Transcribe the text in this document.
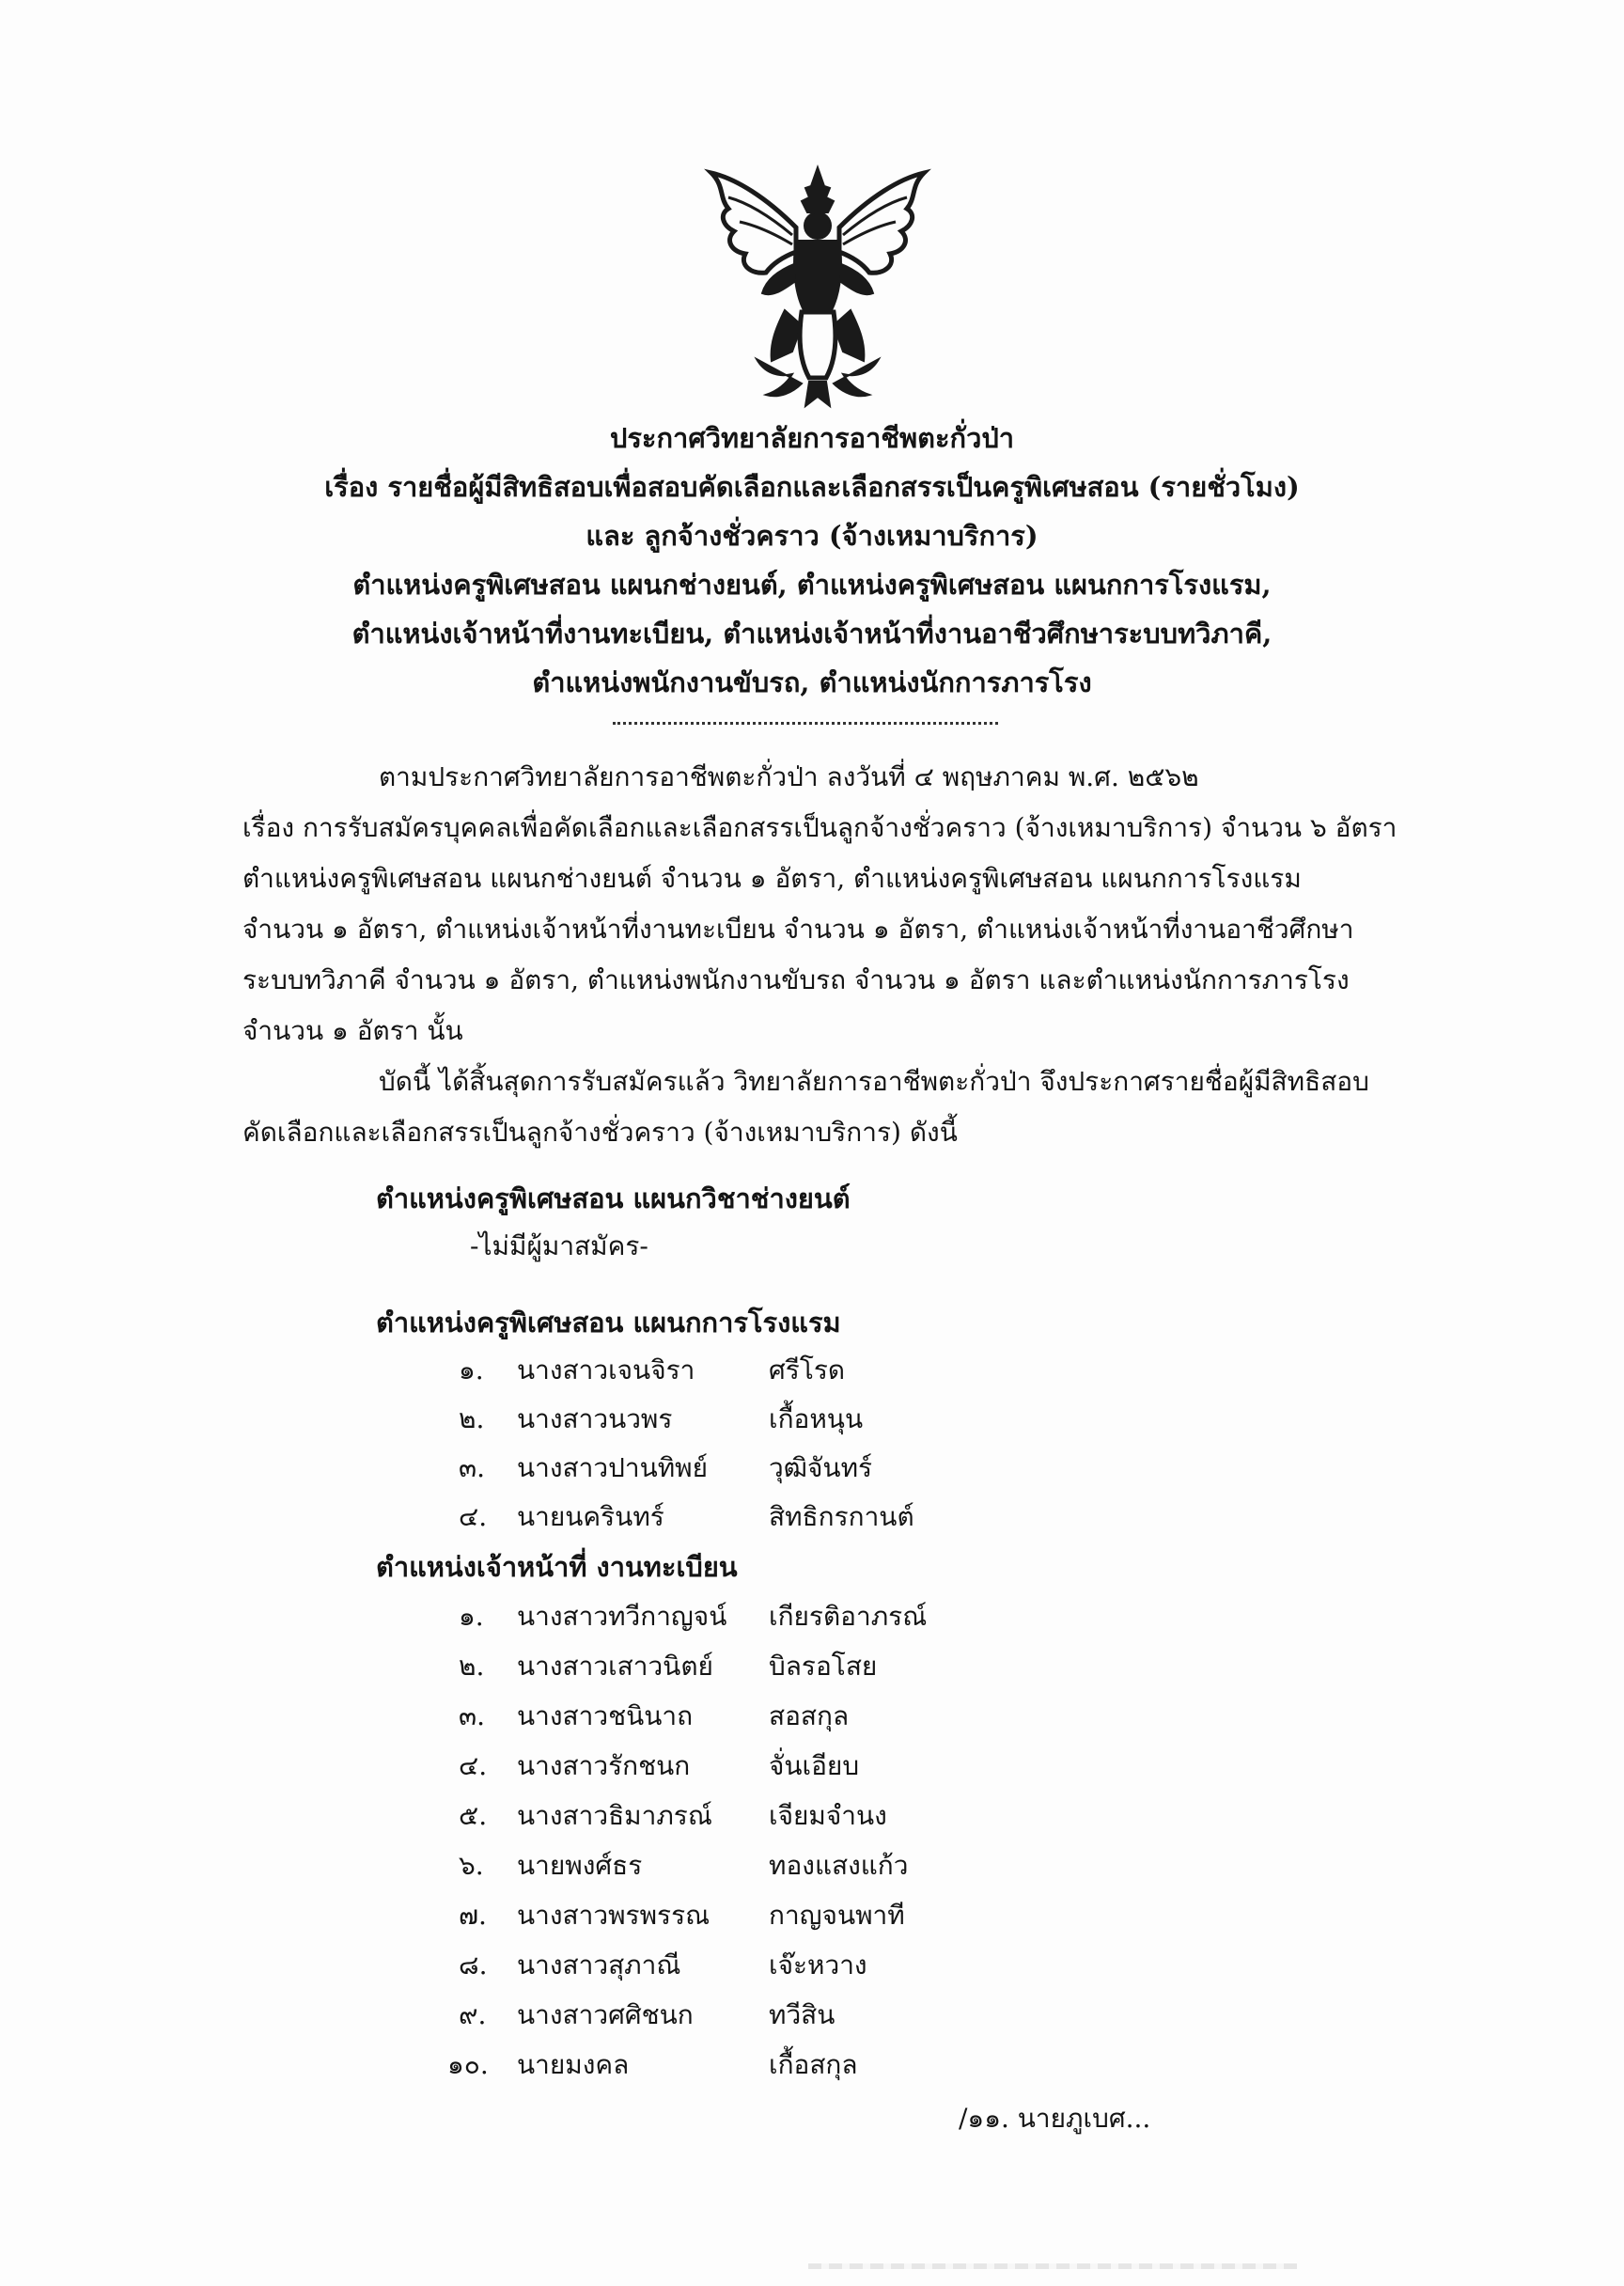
ประกาศวิทยาลัยการอาชีพตะกั่วป่า
เรื่อง รายชื่อผู้มีสิทธิสอบเพื่อสอบคัดเลือกและเลือกสรรเป็นครูพิเศษสอน (รายชั่วโมง)
และ ลูกจ้างชั่วคราว (จ้างเหมาบริการ)
ตำแหน่งครูพิเศษสอน แผนกช่างยนต์, ตำแหน่งครูพิเศษสอน แผนกการโรงแรม,
ตำแหน่งเจ้าหน้าที่งานทะเบียน, ตำแหน่งเจ้าหน้าที่งานอาชีวศึกษาระบบทวิภาคี,
ตำแหน่งพนักงานขับรถ, ตำแหน่งนักการภารโรง
ตามประกาศวิทยาลัยการอาชีพตะกั่วป่า ลงวันที่ ๔ พฤษภาคม พ.ศ. ๒๕๖๒
เรื่อง การรับสมัครบุคคลเพื่อคัดเลือกและเลือกสรรเป็นลูกจ้างชั่วคราว (จ้างเหมาบริการ) จำนวน ๖ อัตรา
ตำแหน่งครูพิเศษสอน แผนกช่างยนต์ จำนวน ๑ อัตรา, ตำแหน่งครูพิเศษสอน แผนกการโรงแรม
จำนวน ๑ อัตรา, ตำแหน่งเจ้าหน้าที่งานทะเบียน จำนวน ๑ อัตรา, ตำแหน่งเจ้าหน้าที่งานอาชีวศึกษา
ระบบทวิภาคี จำนวน ๑ อัตรา, ตำแหน่งพนักงานขับรถ จำนวน ๑ อัตรา และตำแหน่งนักการภารโรง
จำนวน ๑ อัตรา นั้น
บัดนี้ ได้สิ้นสุดการรับสมัครแล้ว วิทยาลัยการอาชีพตะกั่วป่า จึงประกาศรายชื่อผู้มีสิทธิสอบ
คัดเลือกและเลือกสรรเป็นลูกจ้างชั่วคราว (จ้างเหมาบริการ) ดังนี้
ตำแหน่งครูพิเศษสอน แผนกวิชาช่างยนต์
-ไม่มีผู้มาสมัคร-
ตำแหน่งครูพิเศษสอน แผนกการโรงแรม
๑. นางสาวเจนจิรา	ศรีโรด
๒. นางสาวนวพร	เกื้อหนุน
๓. นางสาวปานทิพย์ วุฒิจันทร์
๔. นายนครินทร์	สิทธิกรกานต์
ตำแหน่งเจ้าหน้าที่ งานทะเบียน
๑. นางสาวทวีกาญจน์ เกียรติอาภรณ์
๒. นางสาวเสาวนิตย์ บิลรอโสย
๓. นางสาวชนินาถ	สอสกุล
๔. นางสาวรักชนก	จั่นเอียบ
๕. นางสาวธิมาภรณ์ เจียมจำนง
๖. นายพงศ์ธร	ทองแสงแก้ว
๗. นางสาวพรพรรณ กาญจนพาที
๘. นางสาวสุภาณี	เจ๊ะหวาง
๙. นางสาวศศิชนก	ทวีสิน
๑๐. นายมงคล	เกื้อสกุล
/๑๑. นายภูเบศ...
